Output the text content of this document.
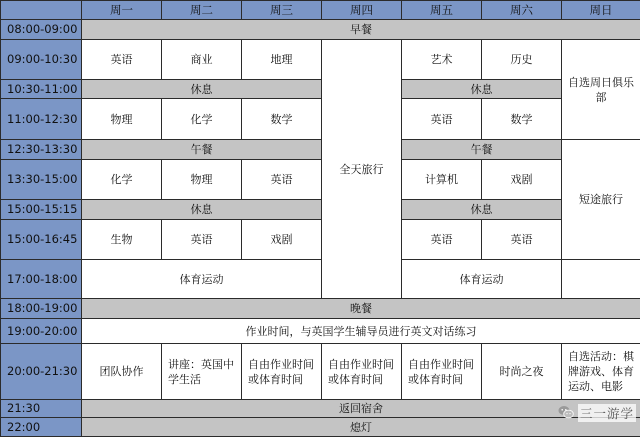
	周一	周二	周三	周四	周五	周六	周日
08:00-09:00	早餐						
09:00-10:30	英语	商业	地理	全天旅行	艺术	历史	自选周日俱乐部
10:30-11:00	休息				休息		
11:00-12:30	物理	化学	数学		英语	数学	
12:30-13:30	午餐				午餐		短途旅行
13:30-15:00	化学	物理	英语		计算机	戏剧	
15:00-15:15	休息				休息		
15:00-16:45	生物	英语	戏剧		英语	英语	
17:00-18:00	体育运动				体育运动		
18:00-19:00	晚餐						
19:00-20:00	作业时间，与英国学生辅导员进行英文对话练习						
20:00-21:30	团队协作	讲座：英国中学生活	自由作业时间或体育时间	自由作业时间或体育时间	自由作业时间或体育时间	时尚之夜	自选活动：棋牌游戏、体育运动、电影
21:30	返回宿舍						
22:00	熄灯						
三一游学
